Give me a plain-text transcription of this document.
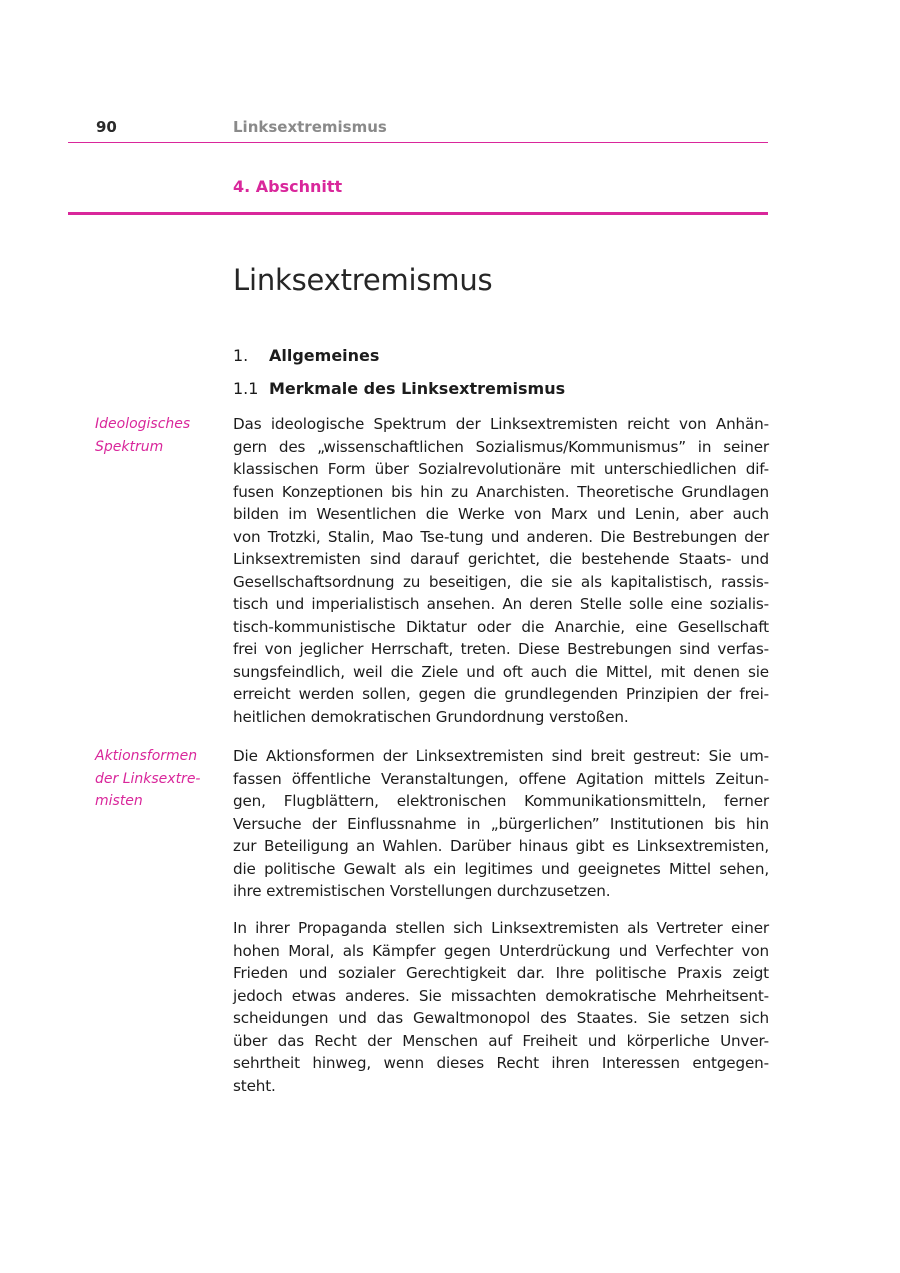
90	Linksextremismus
4. Abschnitt
Linksextremismus
1. Allgemeines
1.1 Merkmale des Linksextremismus
Ideologisches
Spektrum
Aktionsformen
der Linksextre-
misten
Das ideologische Spektrum der Linksextremisten reicht von Anhän-
gern des „wissenschaftlichen Sozialismus/Kommunismus” in seiner
klassischen Form über Sozialrevolutionäre mit unterschiedlichen dif-
fusen Konzeptionen bis hin zu Anarchisten. Theoretische Grundlagen
bilden im Wesentlichen die Werke von Marx und Lenin, aber auch
von Trotzki, Stalin, Mao Tse-tung und anderen. Die Bestrebungen der
Linksextremisten sind darauf gerichtet, die bestehende Staats- und
Gesellschaftsordnung zu beseitigen, die sie als kapitalistisch, rassis-
tisch und imperialistisch ansehen. An deren Stelle solle eine sozialis-
tisch-kommunistische Diktatur oder die Anarchie, eine Gesellschaft
frei von jeglicher Herrschaft, treten. Diese Bestrebungen sind verfas-
sungsfeindlich, weil die Ziele und oft auch die Mittel, mit denen sie
erreicht werden sollen, gegen die grundlegenden Prinzipien der frei-
heitlichen demokratischen Grundordnung verstoßen.
Die Aktionsformen der Linksextremisten sind breit gestreut: Sie um-
fassen öffentliche Veranstaltungen, offene Agitation mittels Zeitun-
gen, Flugblättern, elektronischen Kommunikationsmitteln, ferner
Versuche der Einflussnahme in „bürgerlichen” Institutionen bis hin
zur Beteiligung an Wahlen. Darüber hinaus gibt es Linksextremisten,
die politische Gewalt als ein legitimes und geeignetes Mittel sehen,
ihre extremistischen Vorstellungen durchzusetzen.
In ihrer Propaganda stellen sich Linksextremisten als Vertreter einer
hohen Moral, als Kämpfer gegen Unterdrückung und Verfechter von
Frieden und sozialer Gerechtigkeit dar. Ihre politische Praxis zeigt
jedoch etwas anderes. Sie missachten demokratische Mehrheitsent-
scheidungen und das Gewaltmonopol des Staates. Sie setzen sich
über das Recht der Menschen auf Freiheit und körperliche Unver-
sehrtheit hinweg, wenn dieses Recht ihren Interessen entgegen-
steht.
